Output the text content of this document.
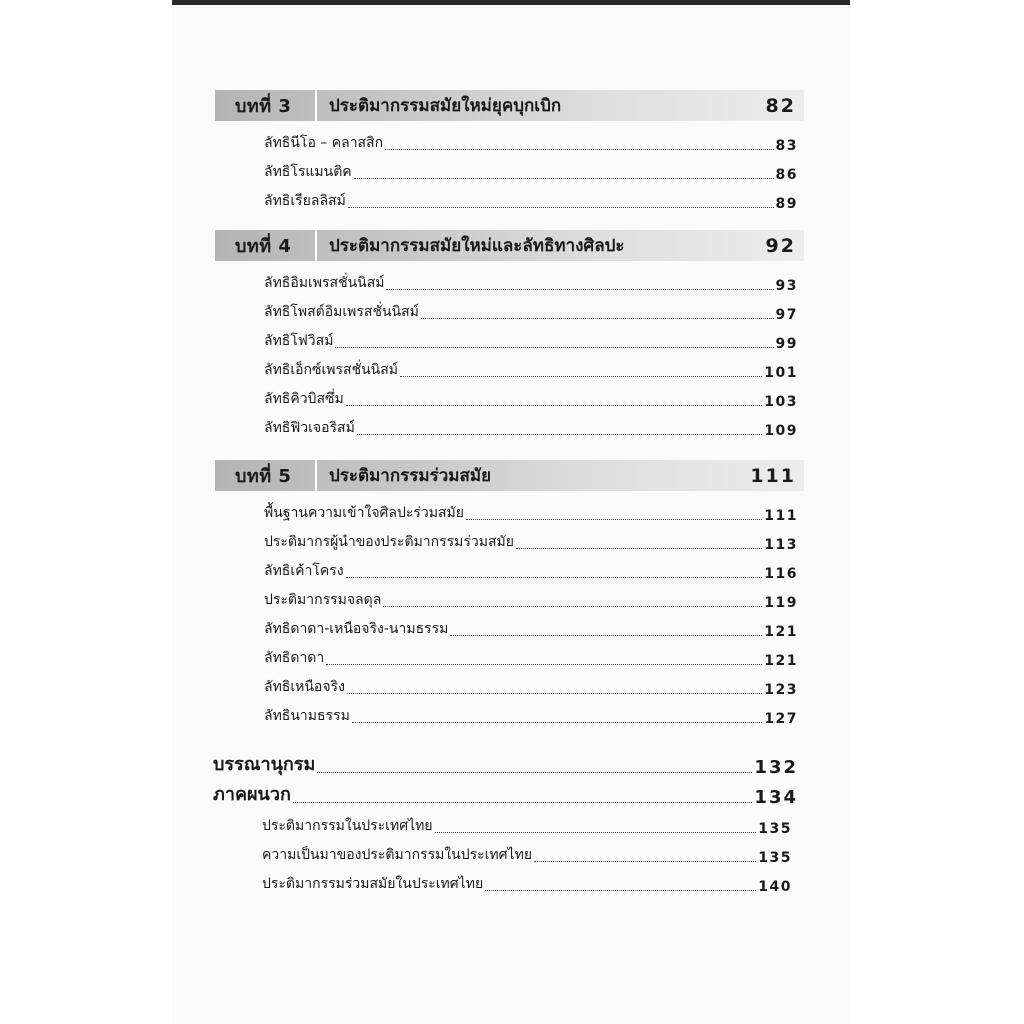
บทที่ 3	ประติมากรรมสมัยใหม่ยุคบุกเบิก	82
ลัทธินีโอ – คลาสสิก	83
ลัทธิโรแมนติค	86
ลัทธิเรียลลิสม์	89
บทที่ 4	ประติมากรรมสมัยใหม่และลัทธิทางศิลปะ	92
ลัทธิอิมเพรสชั่นนิสม์	93
ลัทธิโพสต์อิมเพรสชั่นนิสม์	97
ลัทธิโฟวิสม์	99
ลัทธิเอ็กซ์เพรสชั่นนิสม์	101
ลัทธิคิวบิสซึ่ม	103
ลัทธิฟิวเจอริสม์	109
บทที่ 5	ประติมากรรมร่วมสมัย	111
พื้นฐานความเข้าใจศิลปะร่วมสมัย	111
ประติมากรผู้นำของประติมากรรมร่วมสมัย	113
ลัทธิเค้าโครง	116
ประติมากรรมจลดุล	119
ลัทธิดาดา-เหนือจริง-นามธรรม	121
ลัทธิดาดา	121
ลัทธิเหนือจริง	123
ลัทธินามธรรม	127
บรรณานุกรม	132
ภาคผนวก	134
ประติมากรรมในประเทศไทย	135
ความเป็นมาของประติมากรรมในประเทศไทย	135
ประติมากรรมร่วมสมัยในประเทศไทย	140
